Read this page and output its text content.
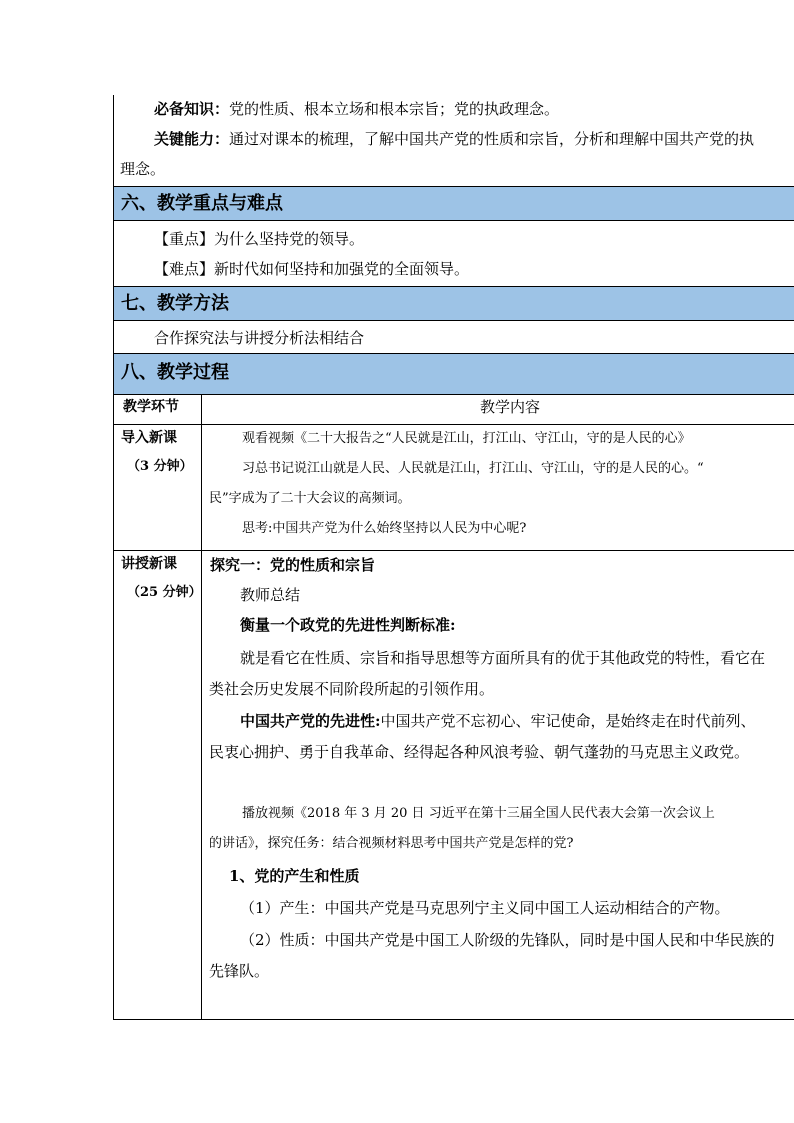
必备知识：党的性质、根本立场和根本宗旨；党的执政理念。
关键能力：通过对课本的梳理，了解中国共产党的性质和宗旨，分析和理解中国共产党的执
理念。
六、教学重点与难点
【重点】为什么坚持党的领导。
【难点】新时代如何坚持和加强党的全面领导。
七、教学方法
合作探究法与讲授分析法相结合
八、教学过程
教学环节	教学内容
导入新课
（3 分钟）
观看视频《二十大报告之“人民就是江山，打江山、守江山，守的是人民的心》
习总书记说江山就是人民、人民就是江山，打江山、守江山，守的是人民的心。“
民”字成为了二十大会议的高频词。
思考:中国共产党为什么始终坚持以人民为中心呢?
讲授新课
（25 分钟）
探究一：党的性质和宗旨
教师总结
衡量一个政党的先进性判断标准:
就是看它在性质、宗旨和指导思想等方面所具有的优于其他政党的特性，看它在
类社会历史发展不同阶段所起的引领作用。
中国共产党的先进性:中国共产党不忘初心、牢记使命，是始终走在时代前列、
民衷心拥护、勇于自我革命、经得起各种风浪考验、朝气蓬勃的马克思主义政党。
播放视频《2018 年 3 月 20 日 习近平在第十三届全国人民代表大会第一次会议上
的讲话》，探究任务：结合视频材料思考中国共产党是怎样的党?
1、党的产生和性质
（1）产生：中国共产党是马克思列宁主义同中国工人运动相结合的产物。
（2）性质：中国共产党是中国工人阶级的先锋队，同时是中国人民和中华民族的
先锋队。
